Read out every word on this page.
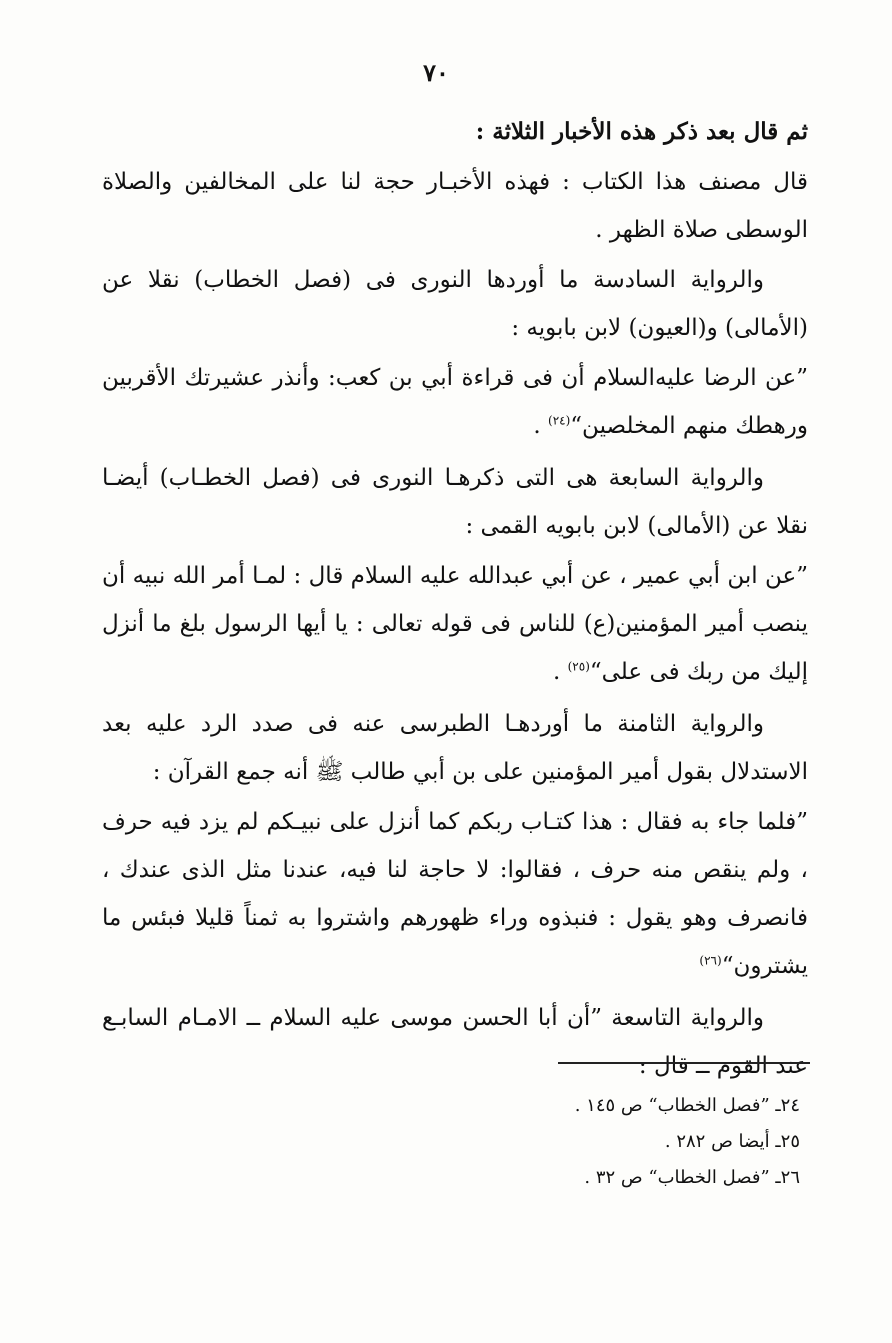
٧٠

ثم قال بعد ذكر هذه الأخبار الثلاثة :

قال مصنف هذا الكتاب : فهذه الأخبـار حجة لنا على المخالفين والصلاة الوسطى صلاة الظهر .

والرواية السادسة ما أوردها النورى فى (فصل الخطاب) نقلا عن (الأمالى) و(العيون) لابن بابويه :

”عن الرضا عليه‌السلام أن فى قراءة أبي بن كعب: وأنذر عشيرتك الأقربين ورهطك منهم المخلصين“$^{(٢٤)}$ .

والرواية السابعة هى التى ذكرهـا النورى فى (فصل الخطـاب) أيضـا نقلا عن (الأمالى) لابن بابويه القمى :

”عن ابن أبي عمير ، عن أبي عبدالله عليه السلام قال : لمـا أمر الله نبيه أن ينصب أمير المؤمنين(ع) للناس فى قوله تعالى : يا أيها الرسول بلغ ما أنزل إليك من ربك فى على“$^{(٢٥)}$ .

والرواية الثامنة ما أوردهـا الطبرسى عنه فى صدد الرد عليه بعد الاستدلال بقول أمير المؤمنين على بن أبي طالب ﷺ أنه جمع القرآن :

”فلما جاء به فقال : هذا كتـاب ربكم كما أنزل على نبيـكم لم يزد فيه حرف ، ولم ينقص منه حرف ، فقالوا: لا حاجة لنا فيه، عندنا مثل الذى عندك ، فانصرف وهو يقول : فنبذوه وراء ظهورهم واشتروا به ثمناً قليلا فبئس ما يشترون“$^{(٢٦)}$

والرواية التاسعة ”أن أبا الحسن موسى عليه السلام ــ الامـام السابـع عند القوم ــ قال :

٢٤ـ ”فصل الخطاب“ ص ١٤٥ .

٢٥ـ أيضا ص ٢٨٢ .

٢٦ـ ”فصل الخطاب“ ص ٣٢ .
